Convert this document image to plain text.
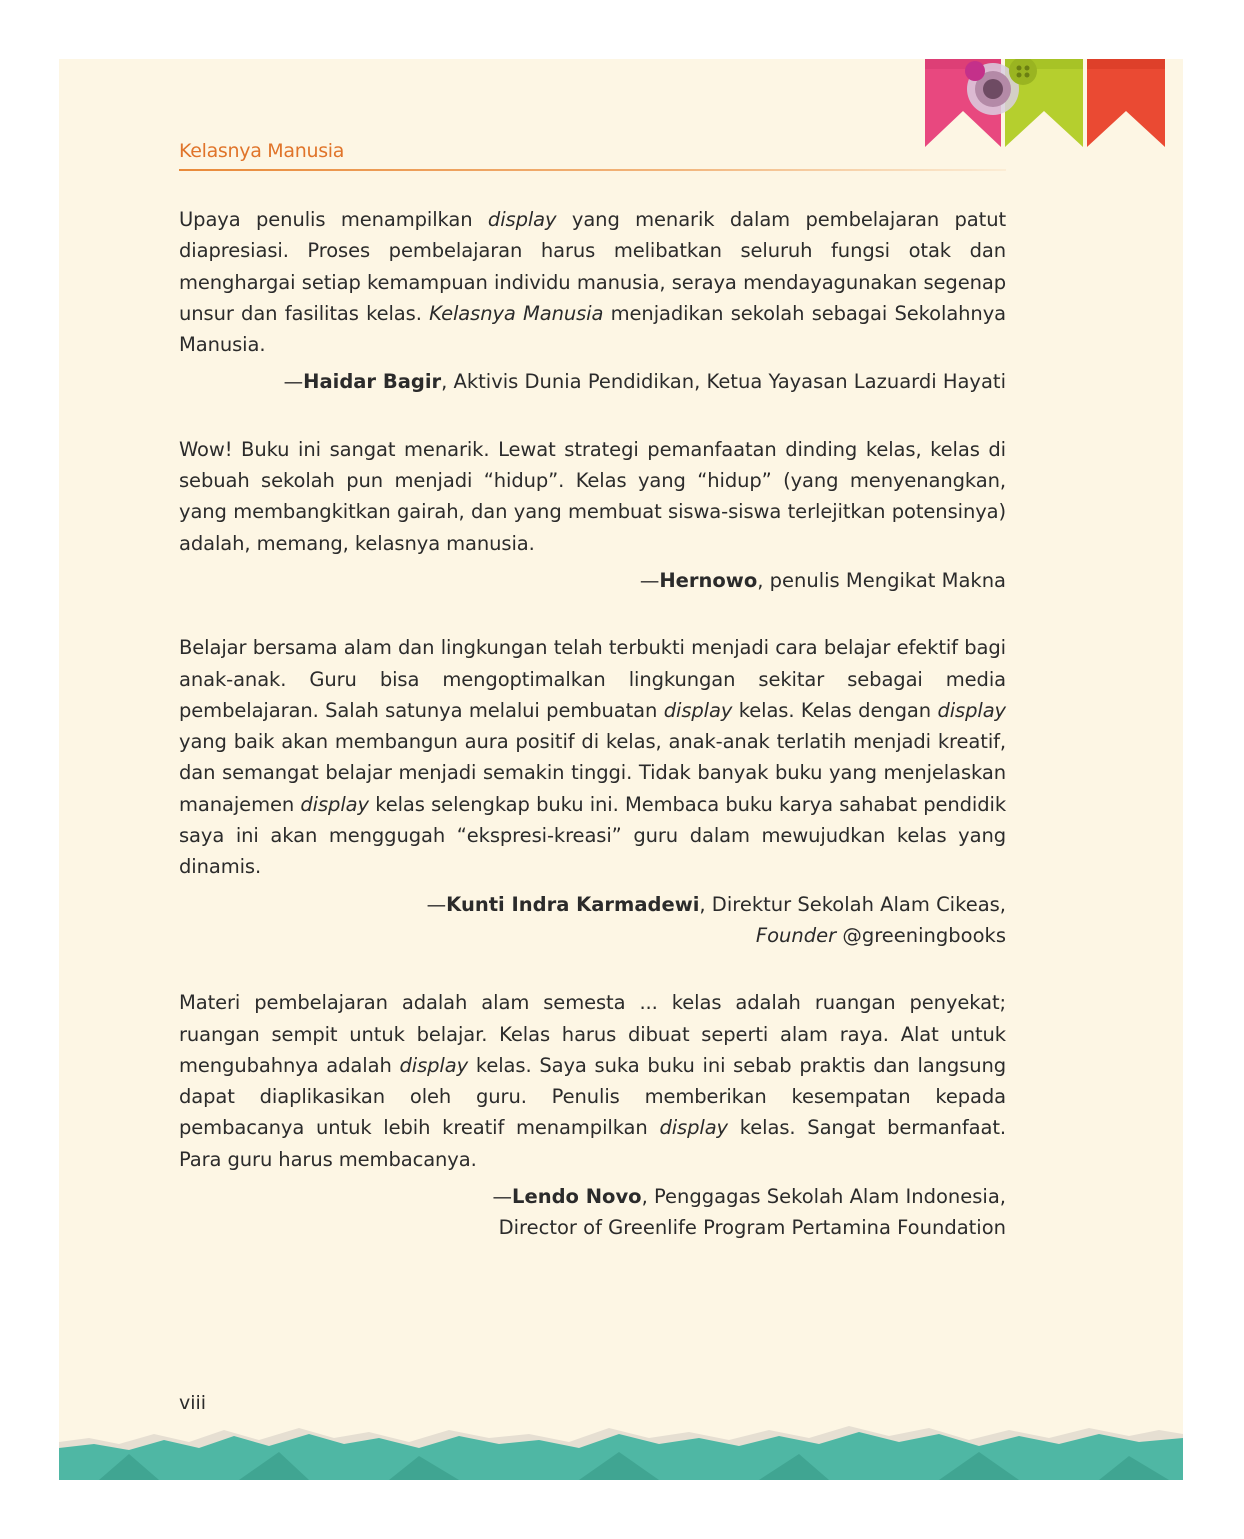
Kelasnya Manusia

Upaya penulis menampilkan display yang menarik dalam pembelajaran patut diapresiasi. Proses pembelajaran harus melibatkan seluruh fungsi otak dan menghargai setiap kemampuan individu manusia, seraya mendayagunakan segenap unsur dan fasilitas kelas. Kelasnya Manusia menjadikan sekolah sebagai Sekolahnya Manusia.

—Haidar Bagir, Aktivis Dunia Pendidikan, Ketua Yayasan Lazuardi Hayati

Wow! Buku ini sangat menarik. Lewat strategi pemanfaatan dinding kelas, kelas di sebuah sekolah pun menjadi “hidup”. Kelas yang “hidup” (yang menyenangkan, yang membangkitkan gairah, dan yang membuat siswa-siswa terlejitkan potensinya) adalah, memang, kelasnya manusia.

—Hernowo, penulis Mengikat Makna

Belajar bersama alam dan lingkungan telah terbukti menjadi cara belajar efektif bagi anak-anak. Guru bisa mengoptimalkan lingkungan sekitar sebagai media pembelajaran. Salah satunya melalui pembuatan display kelas. Kelas dengan display yang baik akan membangun aura positif di kelas, anak-anak terlatih menjadi kreatif, dan semangat belajar menjadi semakin tinggi. Tidak banyak buku yang menjelaskan manajemen display kelas selengkap buku ini. Membaca buku karya sahabat pendidik saya ini akan menggugah “ekspresi-kreasi” guru dalam mewujudkan kelas yang dinamis.

—Kunti Indra Karmadewi, Direktur Sekolah Alam Cikeas,
Founder @greeningbooks

Materi pembelajaran adalah alam semesta ... kelas adalah ruangan penyekat; ruangan sempit untuk belajar. Kelas harus dibuat seperti alam raya. Alat untuk mengubahnya adalah display kelas. Saya suka buku ini sebab praktis dan langsung dapat diaplikasikan oleh guru. Penulis memberikan kesempatan kepada pembacanya untuk lebih kreatif menampilkan display kelas. Sangat bermanfaat. Para guru harus membacanya.

—Lendo Novo, Penggagas Sekolah Alam Indonesia,
Director of Greenlife Program Pertamina Foundation

viii
